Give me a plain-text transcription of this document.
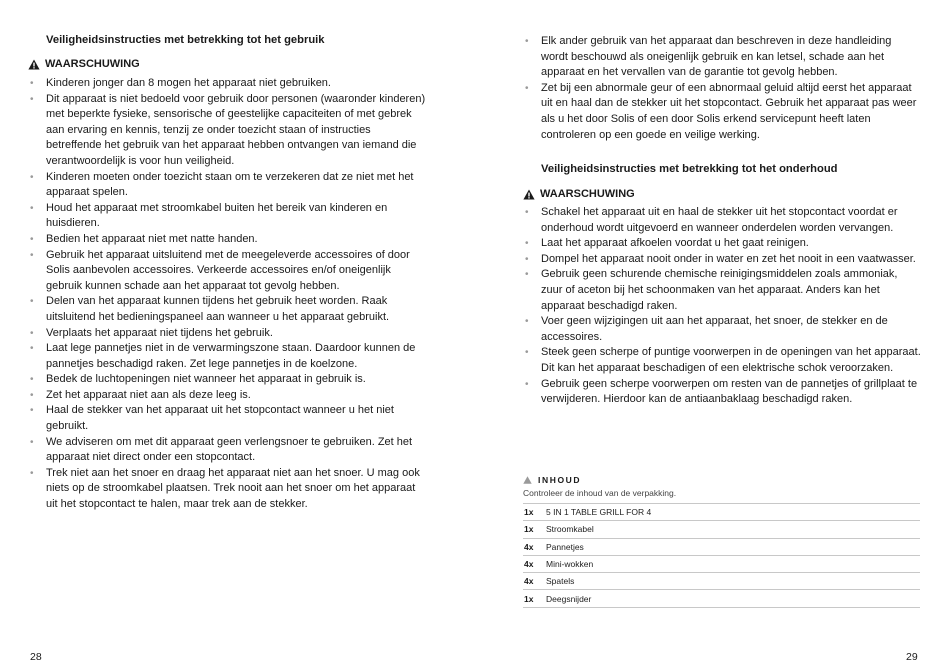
Veiligheidsinstructies met betrekking tot het gebruik
WAARSCHUWING
• Kinderen jonger dan 8 mogen het apparaat niet gebruiken.
• Dit apparaat is niet bedoeld voor gebruik door personen (waaronder kinderen) met beperkte fysieke, sensorische of geestelijke capaciteiten of met gebrek aan ervaring en kennis, tenzij ze onder toezicht staan of instructies betreffende het gebruik van het apparaat hebben ontvangen van iemand die verantwoordelijk is voor hun veiligheid.
• Kinderen moeten onder toezicht staan om te verzekeren dat ze niet met het apparaat spelen.
• Houd het apparaat met stroomkabel buiten het bereik van kinderen en huisdieren.
• Bedien het apparaat niet met natte handen.
• Gebruik het apparaat uitsluitend met de meegeleverde accessoires of door Solis aanbevolen accessoires. Verkeerde accessoires en/of oneigenlijk gebruik kunnen schade aan het apparaat tot gevolg hebben.
• Delen van het apparaat kunnen tijdens het gebruik heet worden. Raak uitsluitend het bedieningspaneel aan wanneer u het apparaat gebruikt.
• Verplaats het apparaat niet tijdens het gebruik.
• Laat lege pannetjes niet in de verwarmingszone staan. Daardoor kunnen de pannetjes beschadigd raken. Zet lege pannetjes in de koelzone.
• Bedek de luchtopeningen niet wanneer het apparaat in gebruik is.
• Zet het apparaat niet aan als deze leeg is.
• Haal de stekker van het apparaat uit het stopcontact wanneer u het niet gebruikt.
• We adviseren om met dit apparaat geen verlengsnoer te gebruiken. Zet het apparaat niet direct onder een stopcontact.
• Trek niet aan het snoer en draag het apparaat niet aan het snoer. U mag ook niets op de stroomkabel plaatsen. Trek nooit aan het snoer om het apparaat uit het stopcontact te halen, maar trek aan de stekker.
28
• Elk ander gebruik van het apparaat dan beschreven in deze handleiding wordt beschouwd als oneigenlijk gebruik en kan letsel, schade aan het apparaat en het vervallen van de garantie tot gevolg hebben.
• Zet bij een abnormale geur of een abnormaal geluid altijd eerst het apparaat uit en haal dan de stekker uit het stopcontact. Gebruik het apparaat pas weer als u het door Solis of een door Solis erkend servicepunt heeft laten controleren op een goede en veilige werking.
Veiligheidsinstructies met betrekking tot het onderhoud
WAARSCHUWING
• Schakel het apparaat uit en haal de stekker uit het stopcontact voordat er onderhoud wordt uitgevoerd en wanneer onderdelen worden vervangen.
• Laat het apparaat afkoelen voordat u het gaat reinigen.
• Dompel het apparaat nooit onder in water en zet het nooit in een vaatwasser.
• Gebruik geen schurende chemische reinigingsmiddelen zoals ammoniak, zuur of aceton bij het schoonmaken van het apparaat. Anders kan het apparaat beschadigd raken.
• Voer geen wijzigingen uit aan het apparaat, het snoer, de stekker en de accessoires.
• Steek geen scherpe of puntige voorwerpen in de openingen van het apparaat. Dit kan het apparaat beschadigen of een elektrische schok veroorzaken.
• Gebruik geen scherpe voorwerpen om resten van de pannetjes of grillplaat te verwijderen. Hierdoor kan de antiaanbaklaag beschadigd raken.
INHOUD
Controleer de inhoud van de verpakking.
1x	5 IN 1 TABLE GRILL FOR 4
1x	Stroomkabel
4x	Pannetjes
4x	Mini-wokken
4x	Spatels
1x	Deegsnijder
29
